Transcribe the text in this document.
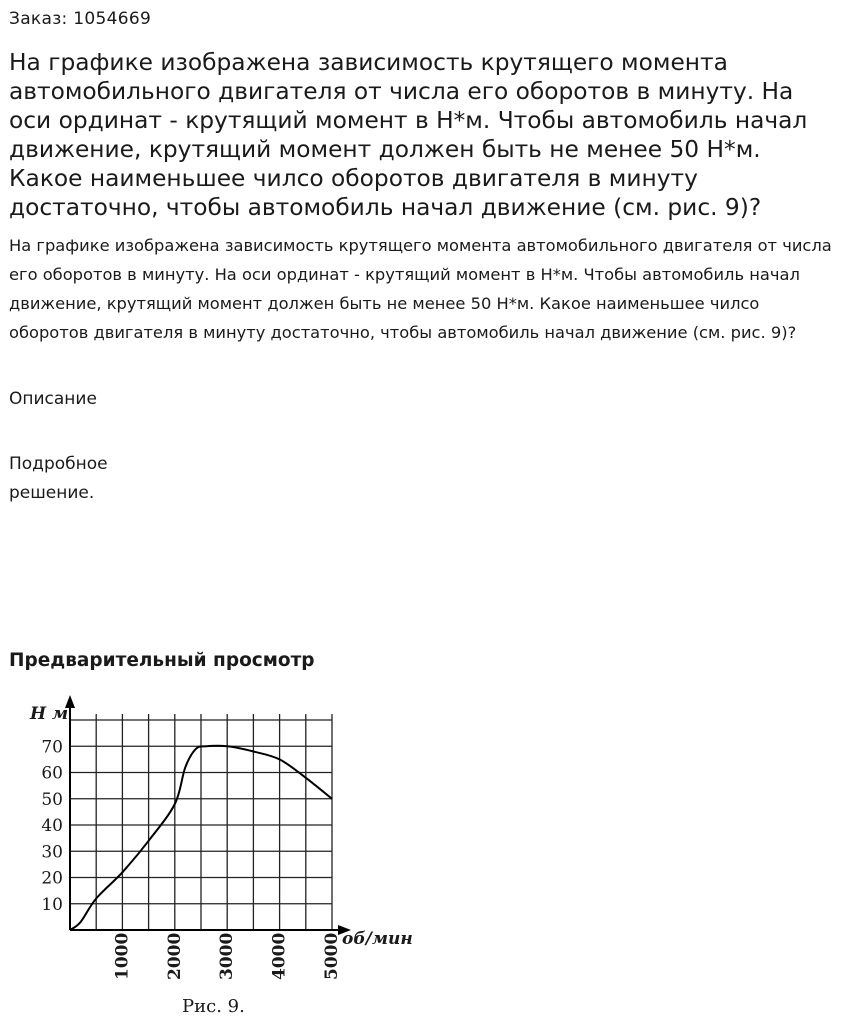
Заказ: 1054669

На графике изображена зависимость крутящего момента автомобильного двигателя от числа его оборотов в минуту. На оси ординат - крутящий момент в Н*м. Чтобы автомобиль начал движение, крутящий момент должен быть не менее 50 Н*м. Какое наименьшее чилсо оборотов двигателя в минуту достаточно, чтобы автомобиль начал движение (см. рис. 9)?

На графике изображена зависимость крутящего момента автомобильного двигателя от числа его оборотов в минуту. На оси ординат - крутящий момент в Н*м. Чтобы автомобиль начал движение, крутящий момент должен быть не менее 50 Н*м. Какое наименьшее чилсо оборотов двигателя в минуту достаточно, чтобы автомобиль начал движение (см. рис. 9)?

Описание
Подробное решение.
Предварительный просмотр
10
20
30
40
50
60
70
1000 2000 3000 4000 5000
Н м
об/мин
Рис. 9.
